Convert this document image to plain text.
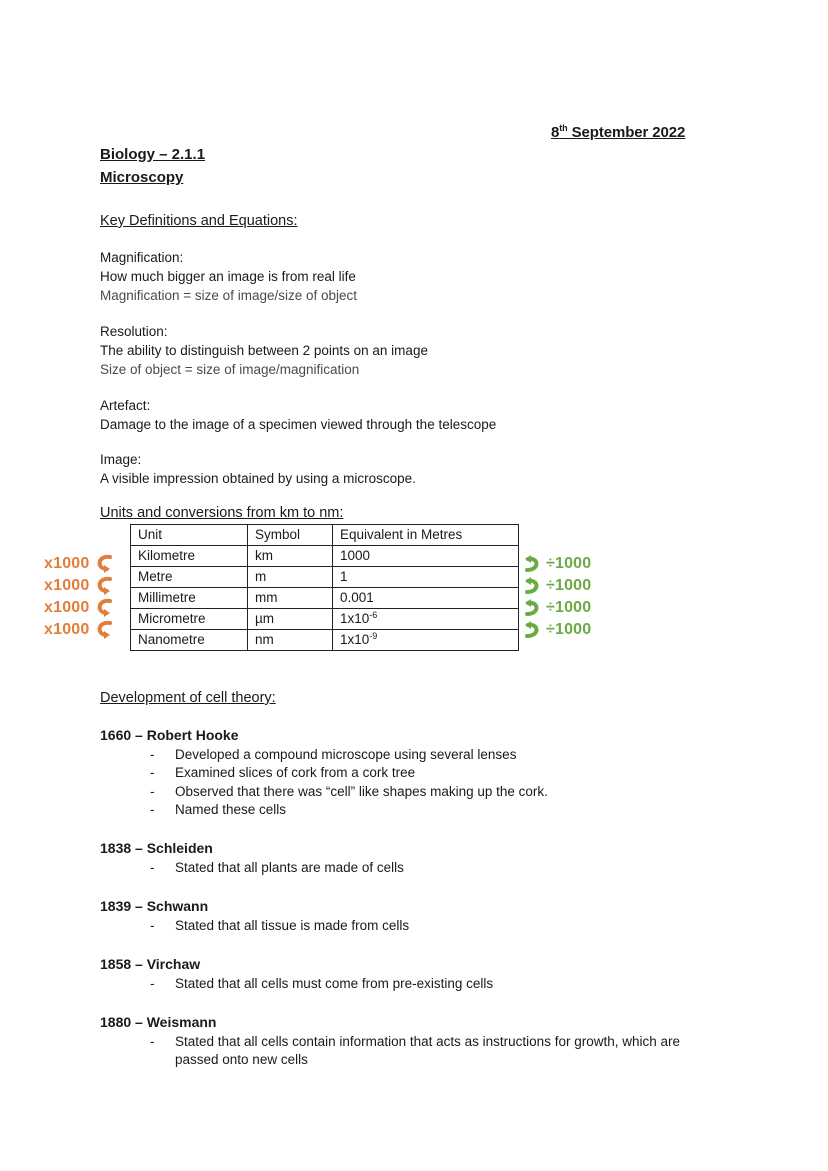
8th September 2022
Biology – 2.1.1
Microscopy
Key Definitions and Equations:
Magnification:
How much bigger an image is from real life
Magnification = size of image/size of object
Resolution:
The ability to distinguish between 2 points on an image
Size of object = size of image/magnification
Artefact:
Damage to the image of a specimen viewed through the telescope
Image:
A visible impression obtained by using a microscope.
Units and conversions from km to nm:
Unit	Symbol	Equivalent in Metres
Kilometre	km	1000
Metre	m	1
Millimetre	mm	0.001
Micrometre	µm	$1x10^{-6}$
Nanometre	nm	$1x10^{-9}$
x1000
x1000
x1000
x1000
÷1000
÷1000
÷1000
÷1000
Development of cell theory:
1660 – Robert Hooke
- Developed a compound microscope using several lenses
- Examined slices of cork from a cork tree
- Observed that there was “cell” like shapes making up the cork.
- Named these cells
1838 – Schleiden
- Stated that all plants are made of cells
1839 – Schwann
- Stated that all tissue is made from cells
1858 – Virchaw
- Stated that all cells must come from pre-existing cells
1880 – Weismann
- Stated that all cells contain information that acts as instructions for growth, which are
passed onto new cells
